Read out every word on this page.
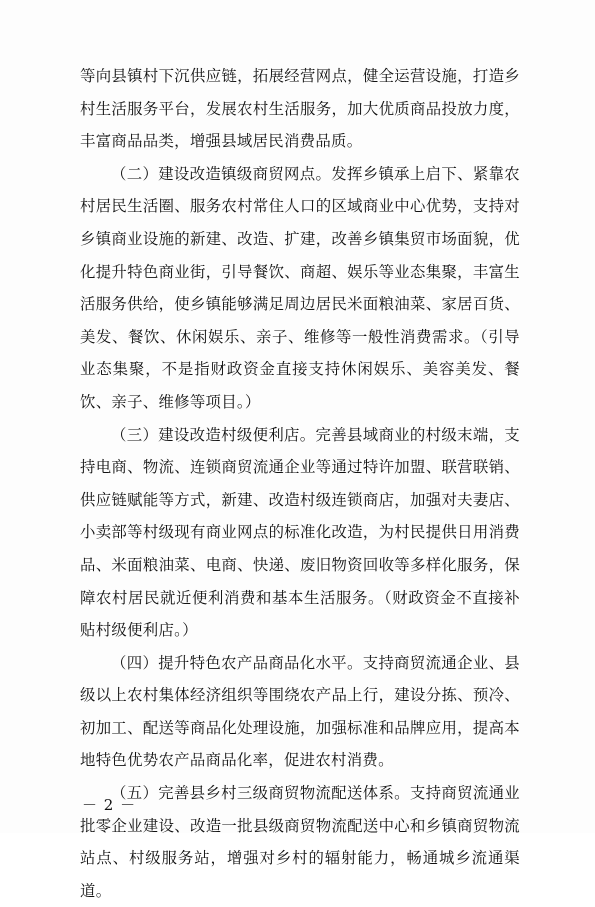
等向县镇村下沉供应链，拓展经营网点，健全运营设施，打造乡村生活服务平台，发展农村生活服务，加大优质商品投放力度，丰富商品品类，增强县域居民消费品质。

（二）建设改造镇级商贸网点。发挥乡镇承上启下、紧靠农村居民生活圈、服务农村常住人口的区域商业中心优势，支持对乡镇商业设施的新建、改造、扩建，改善乡镇集贸市场面貌，优化提升特色商业街，引导餐饮、商超、娱乐等业态集聚，丰富生活服务供给，使乡镇能够满足周边居民米面粮油菜、家居百货、美发、餐饮、休闲娱乐、亲子、维修等一般性消费需求。（引导业态集聚，不是指财政资金直接支持休闲娱乐、美容美发、餐饮、亲子、维修等项目。）

（三）建设改造村级便利店。完善县域商业的村级末端，支持电商、物流、连锁商贸流通企业等通过特许加盟、联营联销、供应链赋能等方式，新建、改造村级连锁商店，加强对夫妻店、小卖部等村级现有商业网点的标准化改造，为村民提供日用消费品、米面粮油菜、电商、快递、废旧物资回收等多样化服务，保障农村居民就近便利消费和基本生活服务。（财政资金不直接补贴村级便利店。）

（四）提升特色农产品商品化水平。支持商贸流通企业、县级以上农村集体经济组织等围绕农产品上行，建设分拣、预冷、初加工、配送等商品化处理设施，加强标准和品牌应用，提高本地特色优势农产品商品化率，促进农村消费。

（五）完善县乡村三级商贸物流配送体系。支持商贸流通业批零企业建设、改造一批县级商贸物流配送中心和乡镇商贸物流站点、村级服务站，增强对乡村的辐射能力，畅通城乡流通渠道。

－ 2 －
